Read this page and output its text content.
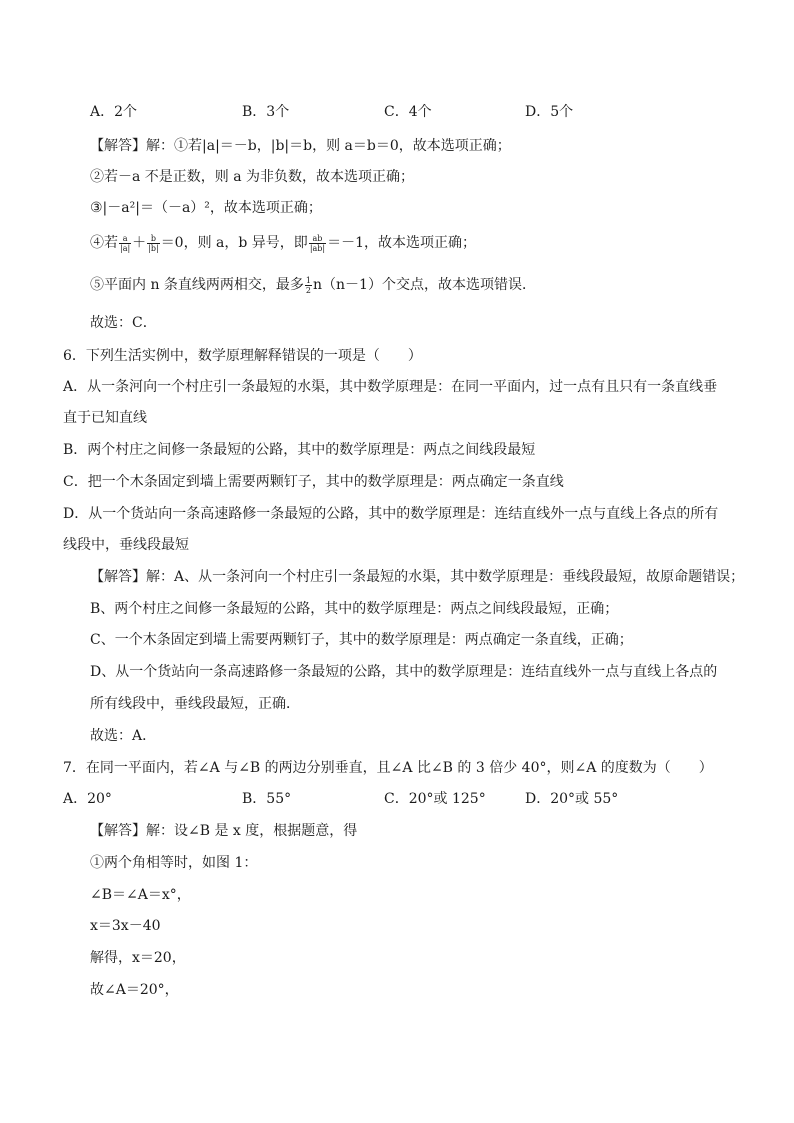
A．2个	B．3个	C．4个	D．5个
【解答】解：①若|a|＝－b，|b|＝b，则 a＝b＝0，故本选项正确；
②若－a 不是正数，则 a 为非负数，故本选项正确；
③|－a²|＝（－a）²，故本选项正确；
④若 $\frac{a}{|a|} + \frac{b}{|b|} =0$，则 a，b 异号，即 $\frac{ab}{|ab|} =-1$，故本选项正确；
⑤平面内 n 条直线两两相交，最多 $\frac{1}{2} n(n-1)$个交点，故本选项错误．
故选：C．
6．下列生活实例中，数学原理解释错误的一项是（　　）
A．从一条河向一个村庄引一条最短的水渠，其中数学原理是：在同一平面内，过一点有且只有一条直线垂
直于已知直线
B．两个村庄之间修一条最短的公路，其中的数学原理是：两点之间线段最短
C．把一个木条固定到墙上需要两颗钉子，其中的数学原理是：两点确定一条直线
D．从一个货站向一条高速路修一条最短的公路，其中的数学原理是：连结直线外一点与直线上各点的所有
线段中，垂线段最短
【解答】解：A、从一条河向一个村庄引一条最短的水渠，其中数学原理是：垂线段最短，故原命题错误；
B、两个村庄之间修一条最短的公路，其中的数学原理是：两点之间线段最短，正确；
C、一个木条固定到墙上需要两颗钉子，其中的数学原理是：两点确定一条直线，正确；
D、从一个货站向一条高速路修一条最短的公路，其中的数学原理是：连结直线外一点与直线上各点的
所有线段中，垂线段最短，正确．
故选：A．
7．在同一平面内，若∠A 与∠B 的两边分别垂直，且∠A 比∠B 的 3 倍少 40°，则∠A 的度数为（　　）
A．20°	B．55°	C．20°或 125°	D．20°或 55°
【解答】解：设∠B 是 x 度，根据题意，得
①两个角相等时，如图 1：
∠B＝∠A＝x°，
x＝3x－40
解得，x＝20，
故∠A＝20°，
